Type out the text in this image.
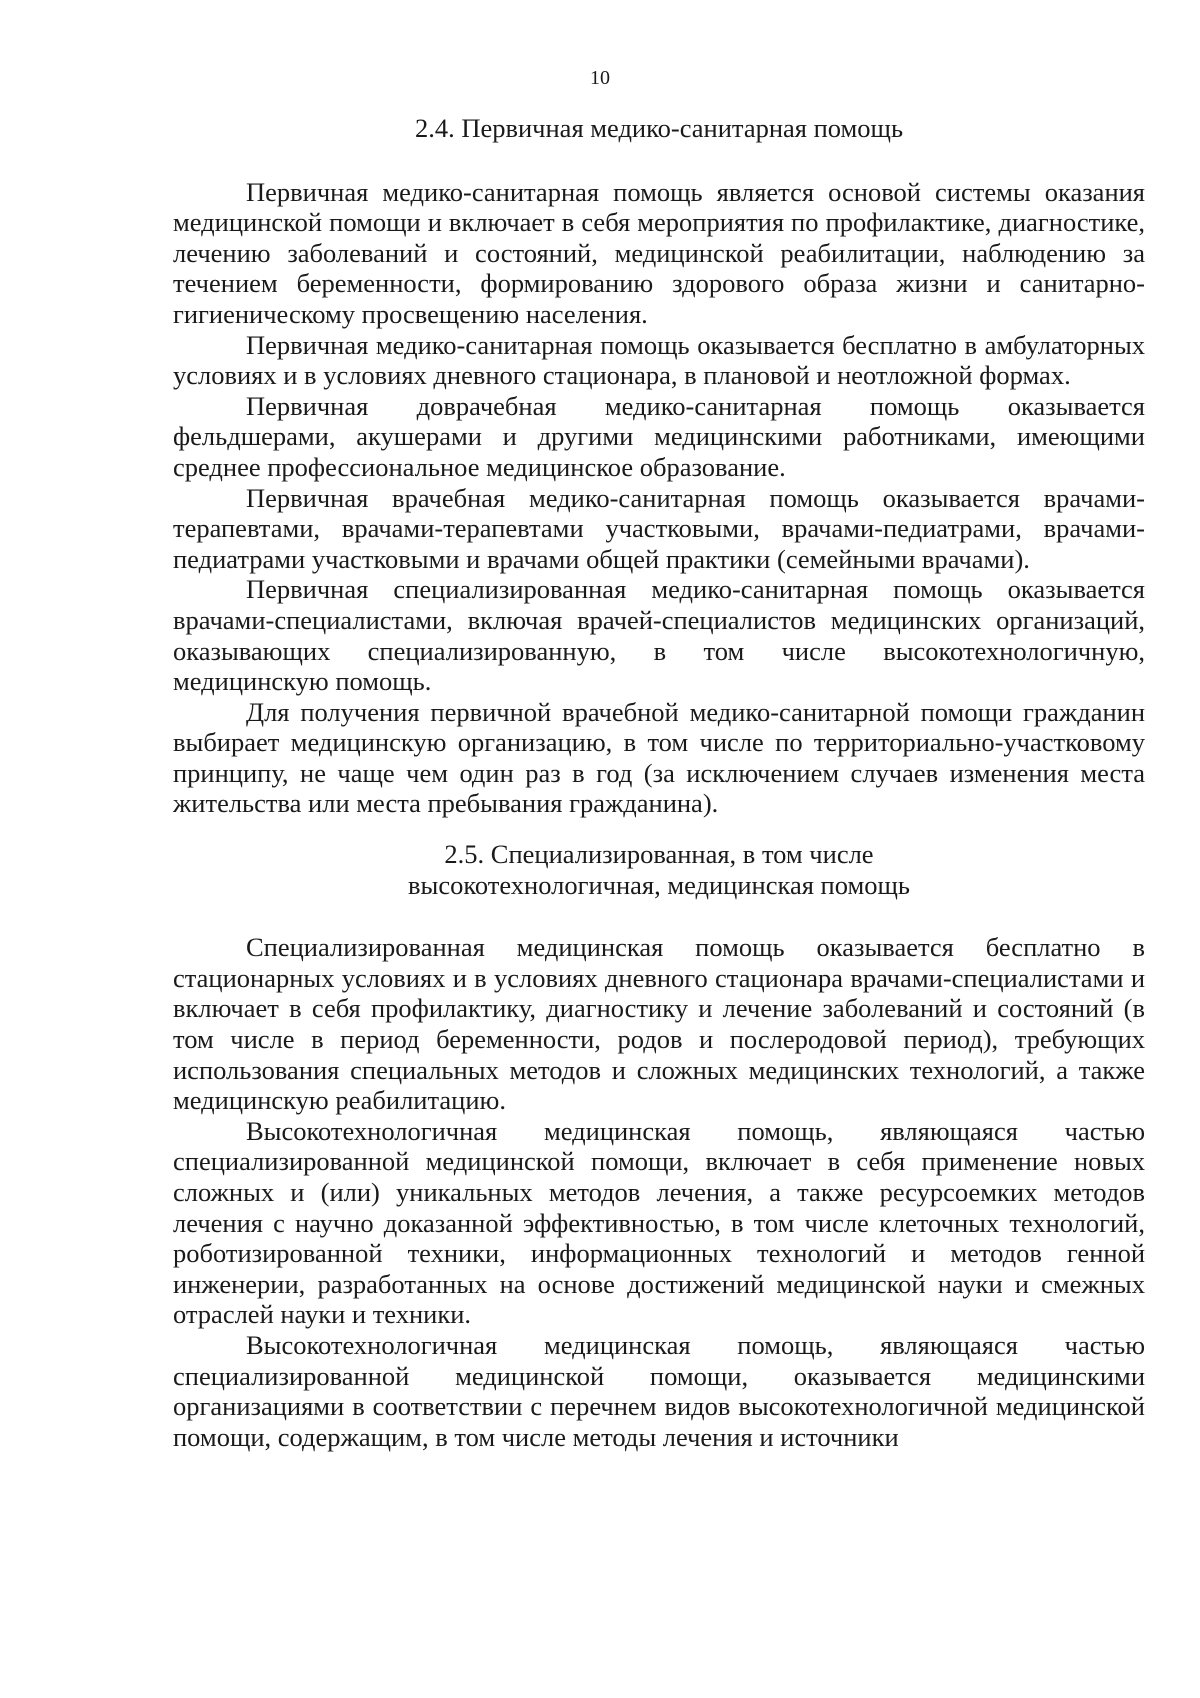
10
2.4. Первичная медико-санитарная помощь

Первичная медико-санитарная помощь является основой системы оказания медицинской помощи и включает в себя мероприятия по профилактике, диагностике, лечению заболеваний и состояний, медицинской реабилитации, наблюдению за течением беременности, формированию здорового образа жизни и санитарно-гигиеническому просвещению населения.

Первичная медико-санитарная помощь оказывается бесплатно в амбулаторных условиях и в условиях дневного стационара, в плановой и неотложной формах.

Первичная доврачебная медико-санитарная помощь оказывается фельдшерами, акушерами и другими медицинскими работниками, имеющими среднее профессиональное медицинское образование.

Первичная врачебная медико-санитарная помощь оказывается врачами-терапевтами, врачами-терапевтами участковыми, врачами-педиатрами, врачами-педиатрами участковыми и врачами общей практики (семейными врачами).

Первичная специализированная медико-санитарная помощь оказывается врачами-специалистами, включая врачей-специалистов медицинских организаций, оказывающих специализированную, в том числе высокотехнологичную, медицинскую помощь.

Для получения первичной врачебной медико-санитарной помощи гражданин выбирает медицинскую организацию, в том числе по территориально-участковому принципу, не чаще чем один раз в год (за исключением случаев изменения места жительства или места пребывания гражданина).

2.5. Специализированная, в том числе
высокотехнологичная, медицинская помощь

Специализированная медицинская помощь оказывается бесплатно в стационарных условиях и в условиях дневного стационара врачами-специалистами и включает в себя профилактику, диагностику и лечение заболеваний и состояний (в том числе в период беременности, родов и послеродовой период), требующих использования специальных методов и сложных медицинских технологий, а также медицинскую реабилитацию.

Высокотехнологичная медицинская помощь, являющаяся частью специализированной медицинской помощи, включает в себя применение новых сложных и (или) уникальных методов лечения, а также ресурсоемких методов лечения с научно доказанной эффективностью, в том числе клеточных технологий, роботизированной техники, информационных технологий и методов генной инженерии, разработанных на основе достижений медицинской науки и смежных отраслей науки и техники.

Высокотехнологичная медицинская помощь, являющаяся частью специализированной медицинской помощи, оказывается медицинскими организациями в соответствии с перечнем видов высокотехнологичной медицинской помощи, содержащим, в том числе методы лечения и источники
